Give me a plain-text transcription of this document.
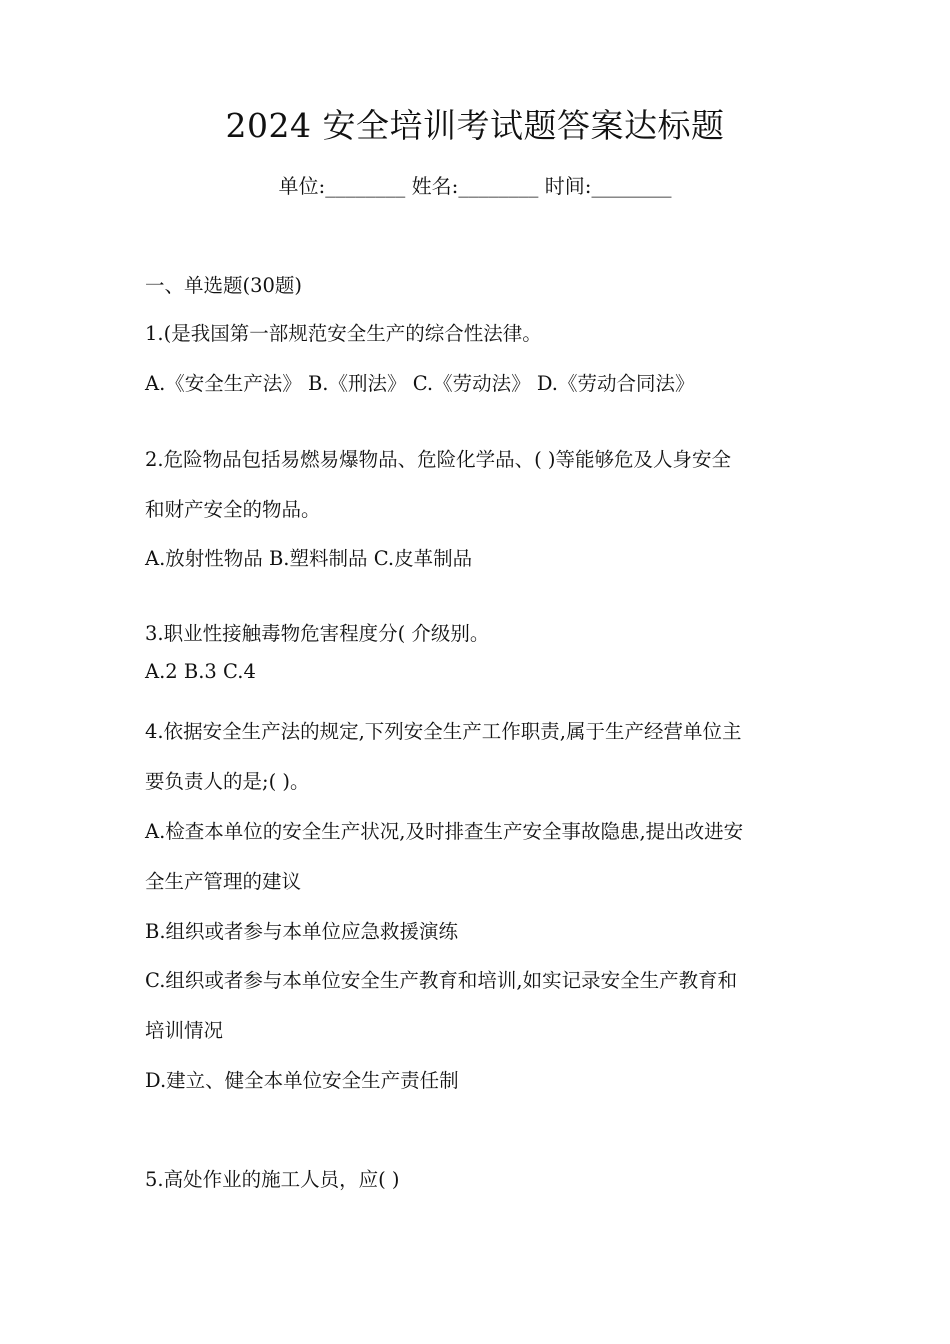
2024 安全培训考试题答案达标题
单位:________ 姓名:________ 时间:________
一、单选题(30题)
1.(是我国第一部规范安全生产的综合性法律。
A.《安全生产法》 B.《刑法》 C.《劳动法》 D.《劳动合同法》
2.危险物品包括易燃易爆物品、危险化学品、( )等能够危及人身安全
和财产安全的物品。
A.放射性物品 B.塑料制品 C.皮革制品
3.职业性接触毒物危害程度分( 介级别。
A.2 B.3 C.4
4.依据安全生产法的规定,下列安全生产工作职责,属于生产经营单位主
要负责人的是;( )。
A.检查本单位的安全生产状况,及时排查生产安全事故隐患,提出改进安
全生产管理的建议
B.组织或者参与本单位应急救援演练
C.组织或者参与本单位安全生产教育和培训,如实记录安全生产教育和
培训情况
D.建立、健全本单位安全生产责任制
5.高处作业的施工人员，应( )
